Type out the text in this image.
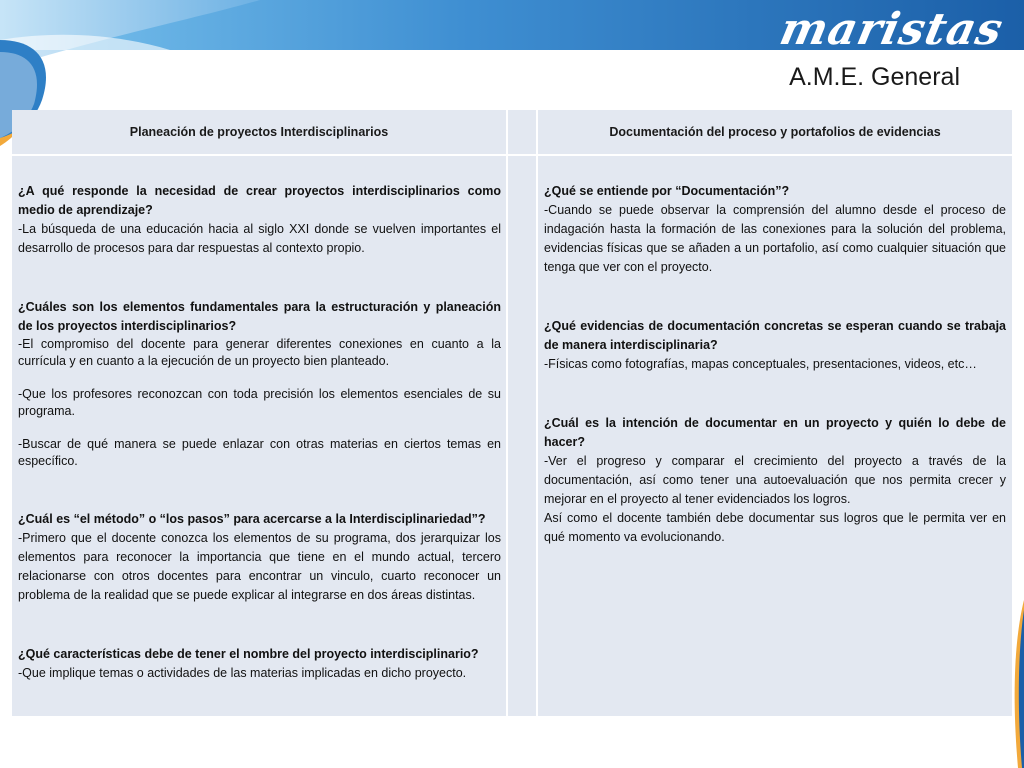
maristas
A.M.E. General
Planeación de proyectos Interdisciplinarios	Documentación del proceso y portafolios de evidencias

¿A qué responde la necesidad de crear proyectos interdisciplinarios como medio de aprendizaje?

-La búsqueda de una educación hacia al siglo XXI donde se vuelven importantes el desarrollo de procesos para dar respuestas al contexto propio.

¿Cuáles son los elementos fundamentales para la estructuración y planeación de los proyectos interdisciplinarios?

-El compromiso del docente para generar diferentes conexiones en cuanto a la currícula y en cuanto a la ejecución de un proyecto bien planteado.

-Que los profesores reconozcan con toda precisión los elementos esenciales de su programa.

-Buscar de qué manera se puede enlazar con otras materias en ciertos temas en específico.

¿Cuál es “el método” o “los pasos” para acercarse a la Interdisciplinariedad”?

-Primero que el docente conozca los elementos de su programa, dos jerarquizar los elementos para reconocer la importancia que tiene en el mundo actual, tercero relacionarse con otros docentes para encontrar un vinculo, cuarto reconocer un problema de la realidad que se puede explicar al integrarse en dos áreas distintas.

¿Qué características debe de tener el nombre del proyecto interdisciplinario?

-Que implique temas o actividades de las materias implicadas en dicho proyecto.

¿Qué se entiende por “Documentación”?

-Cuando se puede observar la comprensión del alumno desde el proceso de indagación hasta la formación de las conexiones para la solución del problema, evidencias físicas que se añaden a un portafolio, así como cualquier situación que tenga que ver con el proyecto.

¿Qué evidencias de documentación concretas se esperan cuando se trabaja de manera interdisciplinaria?

-Físicas como fotografías, mapas conceptuales, presentaciones, videos, etc…

¿Cuál es la intención de documentar en un proyecto y quién lo debe de hacer?

-Ver el progreso y comparar el crecimiento del proyecto a través de la documentación, así como tener una autoevaluación que nos permita crecer y mejorar en el proyecto al tener evidenciados los logros.

Así como el docente también debe documentar sus logros que le permita ver en qué momento va evolucionando.
